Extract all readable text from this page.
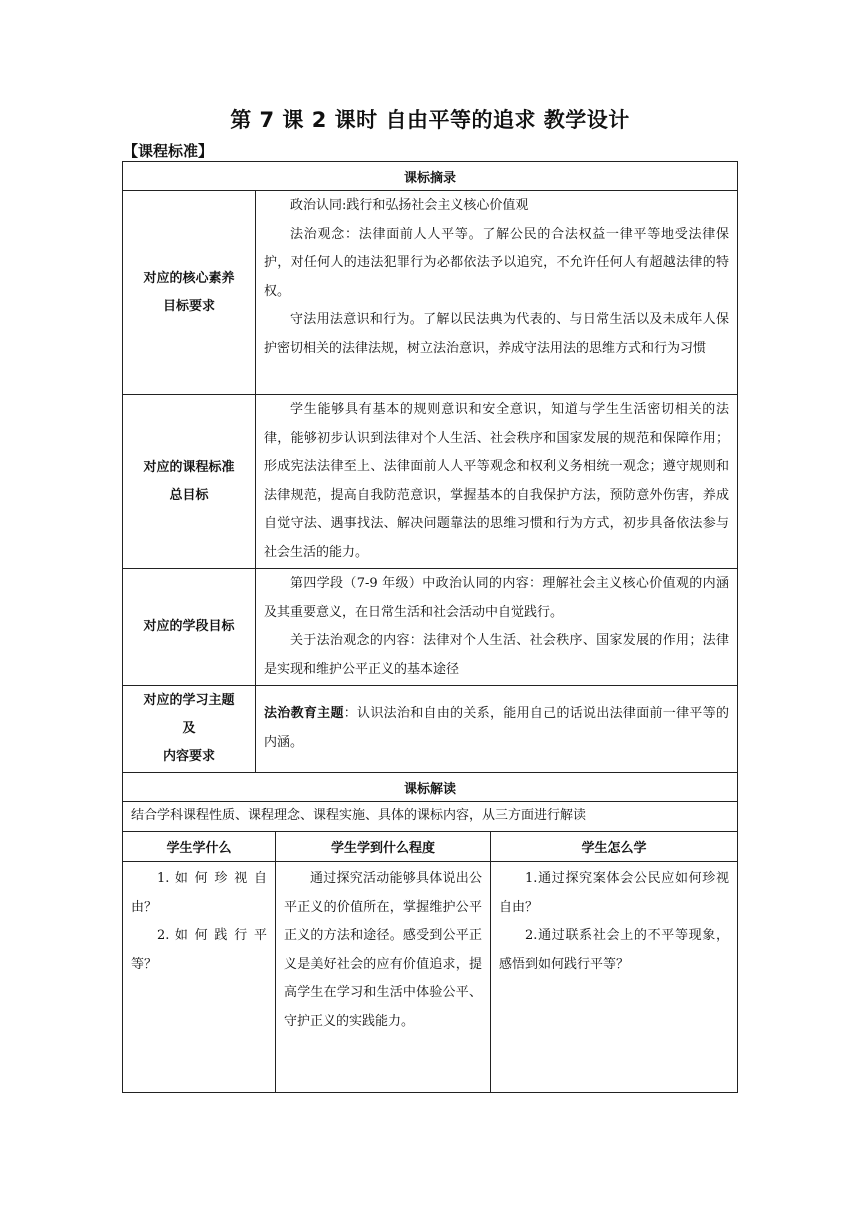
第 7 课 2 课时 自由平等的追求 教学设计
【课程标准】
课标摘录
对应的核心素养
目标要求

政治认同:践行和弘扬社会主义核心价值观

法治观念：法律面前人人平等。了解公民的合法权益一律平等地受法律保护，对任何人的违法犯罪行为必都依法予以追究，不允许任何人有超越法律的特权。

守法用法意识和行为。了解以民法典为代表的、与日常生活以及未成年人保护密切相关的法律法规，树立法治意识，养成守法用法的思维方式和行为习惯

对应的课程标准
总目标

学生能够具有基本的规则意识和安全意识，知道与学生生活密切相关的法律，能够初步认识到法律对个人生活、社会秩序和国家发展的规范和保障作用；形成宪法法律至上、法律面前人人平等观念和权利义务相统一观念；遵守规则和法律规范，提高自我防范意识，掌握基本的自我保护方法，预防意外伤害，养成自觉守法、遇事找法、解决问题靠法的思维习惯和行为方式，初步具备依法参与社会生活的能力。

对应的学段目标

第四学段（7-9 年级）中政治认同的内容：理解社会主义核心价值观的内涵及其重要意义，在日常生活和社会活动中自觉践行。

关于法治观念的内容：法律对个人生活、社会秩序、国家发展的作用；法律是实现和维护公平正义的基本途径

对应的学习主题
及
内容要求

法治教育主题：认识法治和自由的关系，能用自己的话说出法律面前一律平等的内涵。

课标解读
结合学科课程性质、课程理念、课程实施、具体的课标内容，从三方面进行解读
学生学什么	学生学到什么程度	学生怎么学

1. 如 何 珍 视 自 由？

2. 如 何 践 行 平 等？

通过探究活动能够具体说出公平正义的价值所在，掌握维护公平正义的方法和途径。感受到公平正义是美好社会的应有价值追求，提高学生在学习和生活中体验公平、守护正义的实践能力。

1.通过探究案体会公民应如何珍视自由？

2.通过联系社会上的不平等现象，感悟到如何践行平等？
